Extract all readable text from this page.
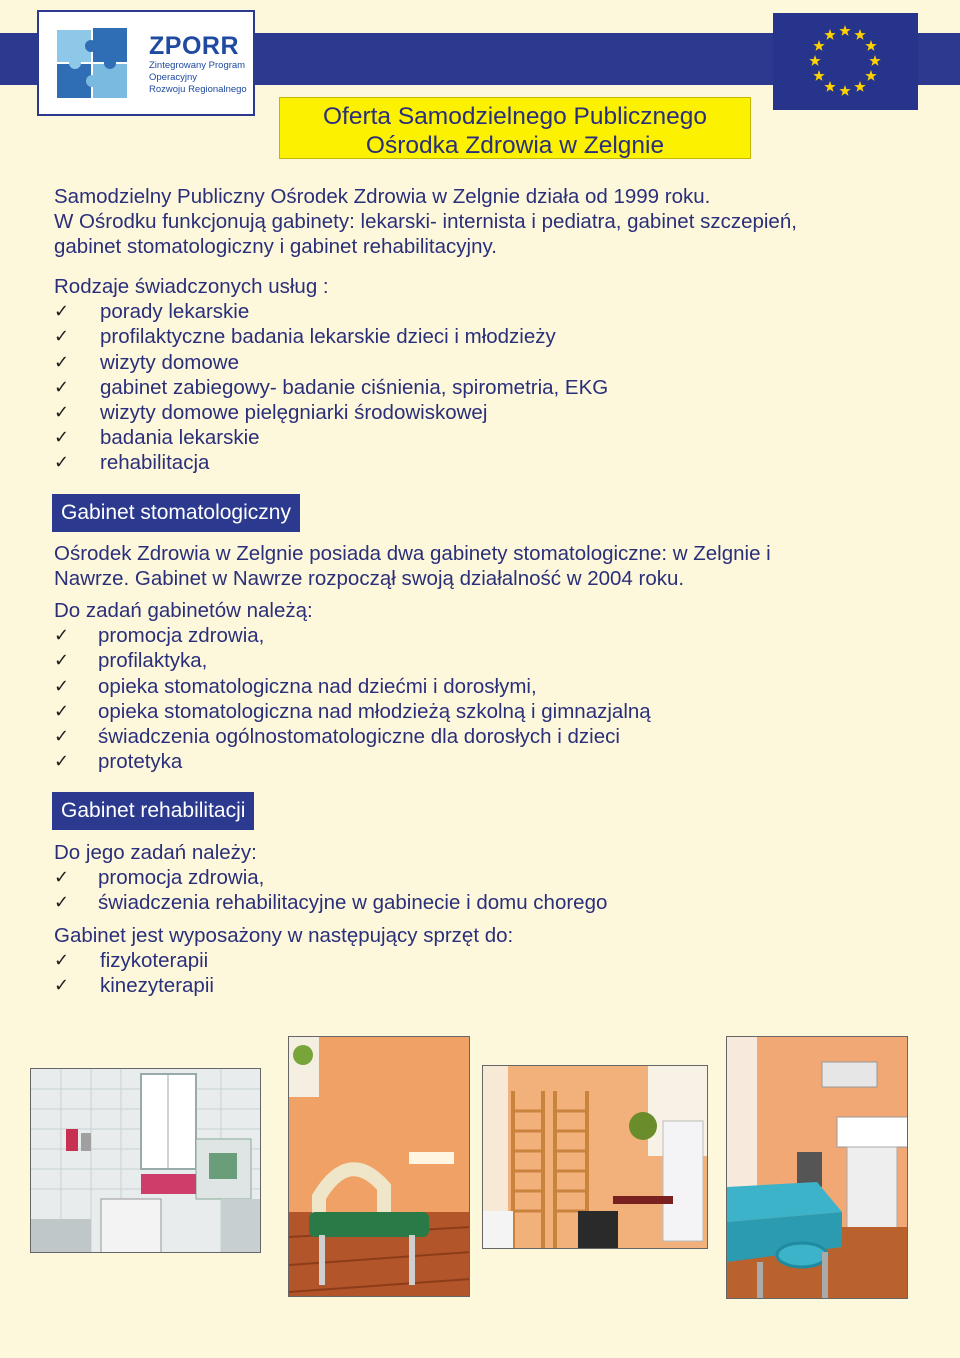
ZPORR
Zintegrowany Program
Operacyjny
Rozwoju Regionalnego
Oferta Samodzielnego Publicznego
Ośrodka Zdrowia w Zelgnie
Samodzielny Publiczny Ośrodek Zdrowia w Zelgnie działa od 1999 roku.
W Ośrodku funkcjonują gabinety: lekarski- internista i pediatra, gabinet szczepień,
gabinet stomatologiczny i gabinet rehabilitacyjny.
Rodzaje świadczonych usług :
✓ porady lekarskie
✓ profilaktyczne badania lekarskie dzieci i młodzieży
✓ wizyty domowe
✓ gabinet zabiegowy- badanie ciśnienia, spirometria, EKG
✓ wizyty domowe pielęgniarki środowiskowej
✓ badania lekarskie
✓ rehabilitacja
Gabinet stomatologiczny
Ośrodek Zdrowia w Zelgnie posiada dwa gabinety stomatologiczne: w Zelgnie i
Nawrze. Gabinet w Nawrze rozpoczął swoją działalność w 2004 roku.
Do zadań gabinetów należą:
✓ promocja zdrowia,
✓ profilaktyka,
✓ opieka stomatologiczna nad dziećmi i dorosłymi,
✓ opieka stomatologiczna nad młodzieżą szkolną i gimnazjalną
✓ świadczenia ogólnostomatologiczne dla dorosłych i dzieci
✓ protetyka
Gabinet rehabilitacji
Do jego zadań należy:
✓ promocja zdrowia,
✓ świadczenia rehabilitacyjne w gabinecie i domu chorego
Gabinet jest wyposażony w następujący sprzęt do:
✓ fizykoterapii
✓ kinezyterapii
